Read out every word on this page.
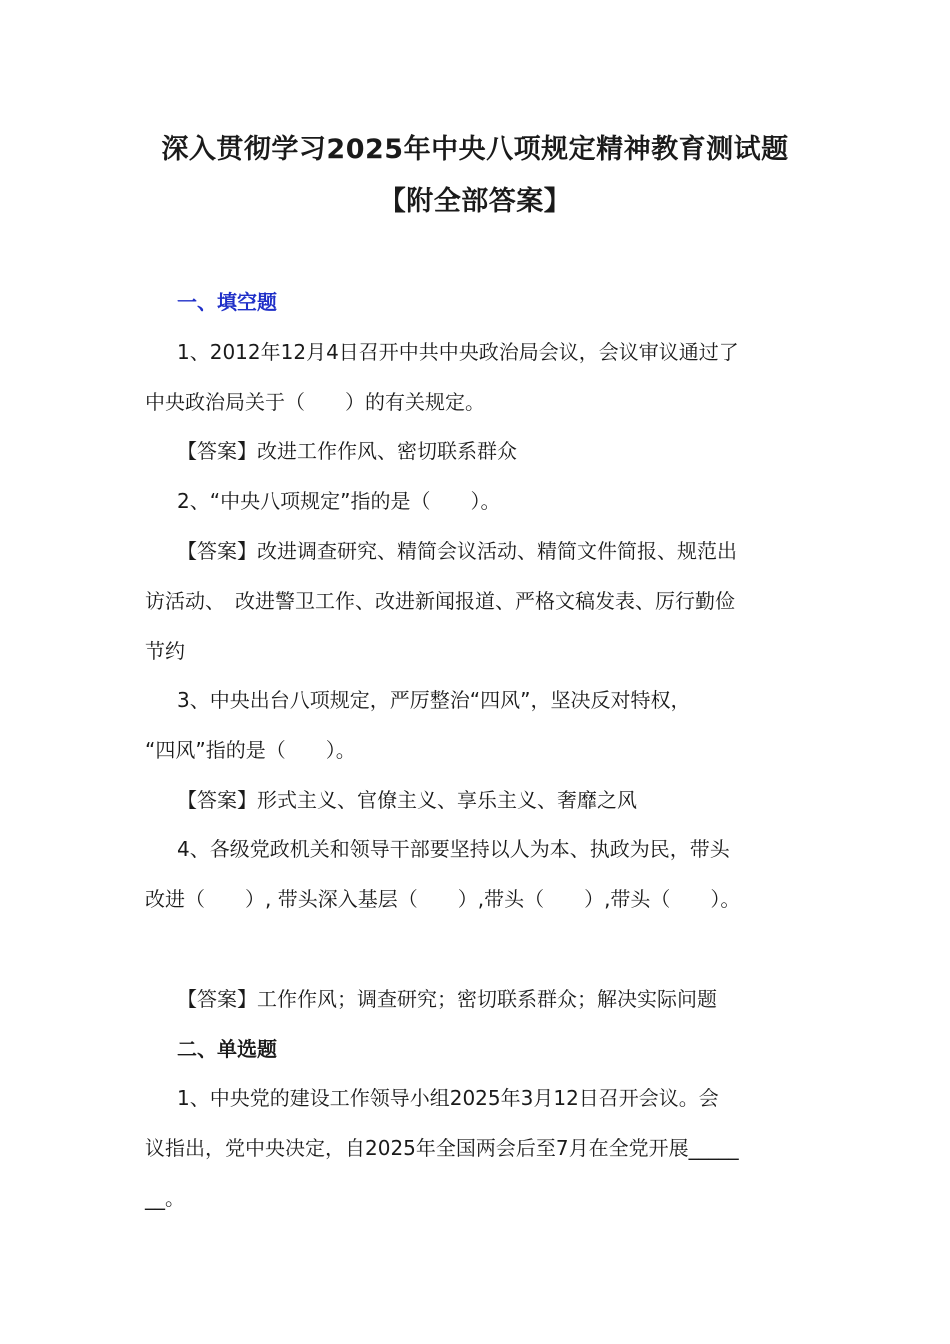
深入贯彻学习2025年中央八项规定精神教育测试题
【附全部答案】
一、填空题
1、2012年12月4日召开中共中央政治局会议，会议审议通过了
中央政治局关于（　　）的有关规定。
【答案】改进工作作风、密切联系群众
2、“中央八项规定”指的是（　　）。
【答案】改进调查研究、精简会议活动、精简文件简报、规范出
访活动、　改进警卫工作、改进新闻报道、严格文稿发表、厉行勤俭
节约
3、中央出台八项规定，严厉整治“四风”，坚决反对特权，
“四风”指的是（　　）。
【答案】形式主义、官僚主义、享乐主义、奢靡之风
4、各级党政机关和领导干部要坚持以人为本、执政为民，带头
改进（　　）, 带头深入基层（　　）,带头（　　）,带头（　　）。
【答案】工作作风；调查研究；密切联系群众；解决实际问题
二、单选题
1、中央党的建设工作领导小组2025年3月12日召开会议。会
议指出，党中央决定，自2025年全国两会后至7月在全党开展_____
__。
